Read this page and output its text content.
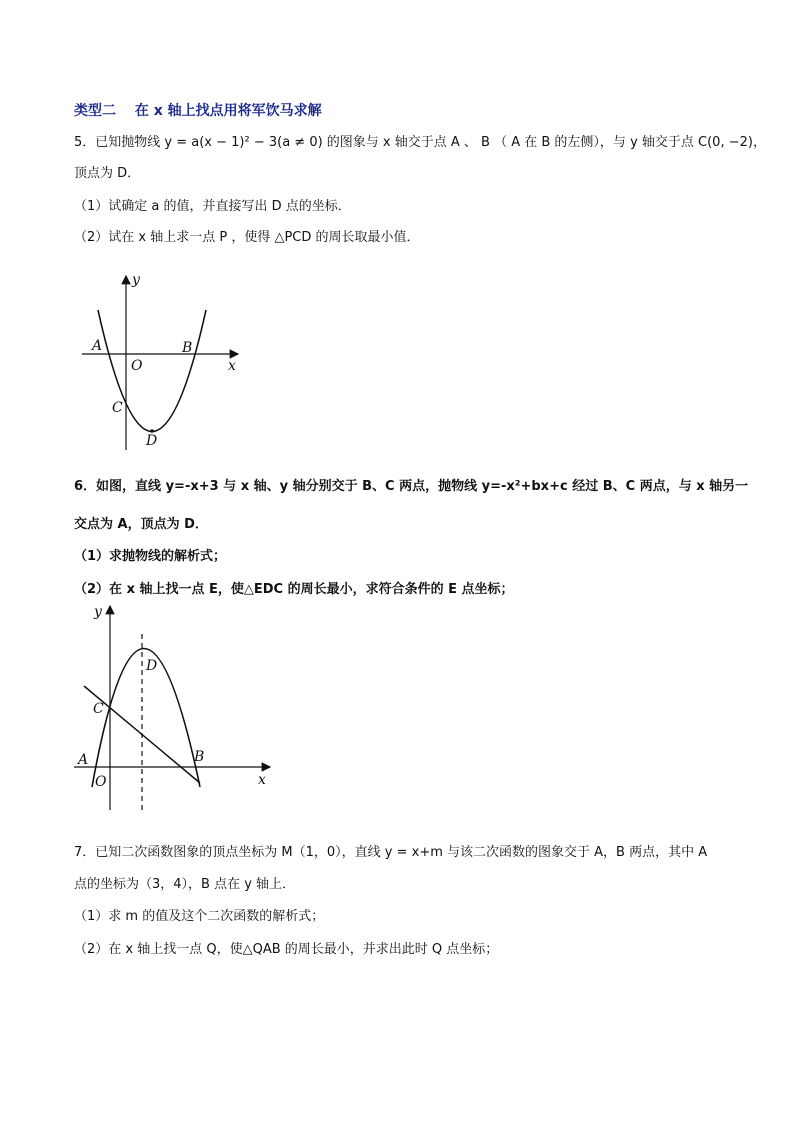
类型二 在 x 轴上找点用将军饮马求解
5．已知抛物线 y = a(x − 1)² − 3(a ≠ 0) 的图象与 x 轴交于点 A 、 B （ A 在 B 的左侧），与 y 轴交于点 C(0, −2)，
顶点为 D．
（1）试确定 a 的值，并直接写出 D 点的坐标．
（2）试在 x 轴上求一点 P ，使得 △PCD 的周长取最小值．
y
x
A	B
O
C
D
6．如图，直线 y=-x+3 与 x 轴、y 轴分别交于 B、C 两点，抛物线 y=-x²+bx+c 经过 B、C 两点，与 x 轴另一
交点为 A，顶点为 D．
（1）求抛物线的解析式；
（2）在 x 轴上找一点 E，使△EDC 的周长最小，求符合条件的 E 点坐标；
y
x
A	B
O
C
D
7．已知二次函数图象的顶点坐标为 M（1，0），直线 y = x+m 与该二次函数的图象交于 A，B 两点，其中 A
点的坐标为（3，4），B 点在 y 轴上．
（1）求 m 的值及这个二次函数的解析式；
（2）在 x 轴上找一点 Q，使△QAB 的周长最小，并求出此时 Q 点坐标；
